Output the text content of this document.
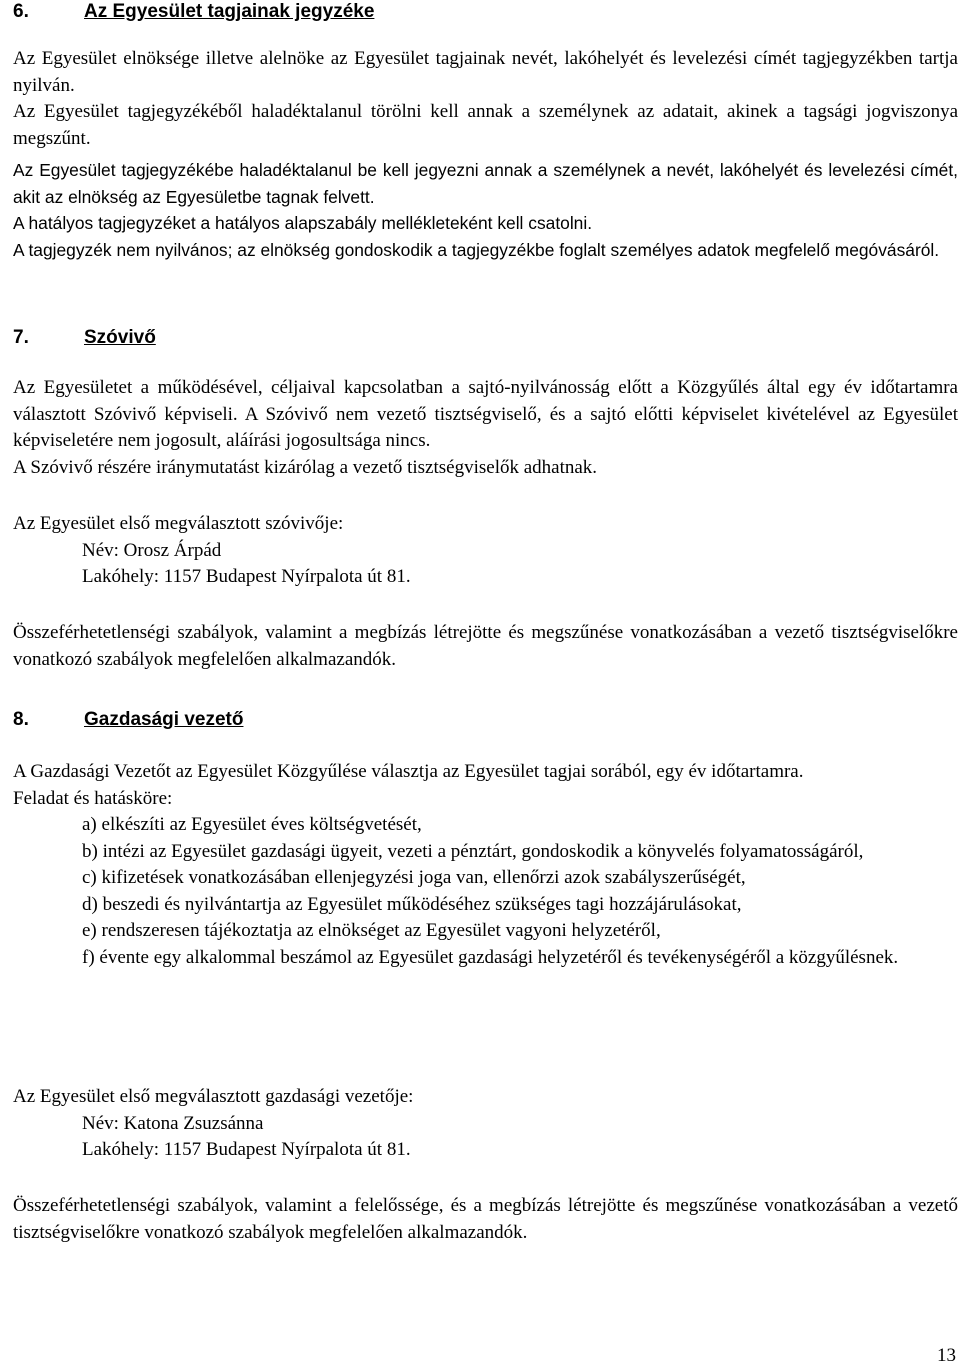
6.	Az Egyesület tagjainak jegyzéke

Az Egyesület elnöksége illetve alelnöke az Egyesület tagjainak nevét, lakóhelyét és levelezési címét tagjegyzékben tartja nyilván.

Az Egyesület tagjegyzékéből haladéktalanul törölni kell annak a személynek az adatait, akinek a tagsági jogviszonya megszűnt.

Az Egyesület tagjegyzékébe haladéktalanul be kell jegyezni annak a személynek a nevét, lakóhelyét és levelezési címét, akit az elnökség az Egyesületbe tagnak felvett.

A hatályos tagjegyzéket a hatályos alapszabály mellékleteként kell csatolni.

A tagjegyzék nem nyilvános; az elnökség gondoskodik a tagjegyzékbe foglalt személyes adatok megfelelő megóvásáról.

7.	Szóvivő

Az Egyesületet a működésével, céljaival kapcsolatban a sajtó-nyilvánosság előtt a Közgyűlés által egy év időtartamra választott Szóvivő képviseli. A Szóvivő nem vezető tisztségviselő, és a sajtó előtti képviselet kivételével az Egyesület képviseletére nem jogosult, aláírási jogosultsága nincs.

A Szóvivő részére iránymutatást kizárólag a vezető tisztségviselők adhatnak.

Az Egyesület első megválasztott szóvivője:

Név: Orosz Árpád

Lakóhely: 1157 Budapest Nyírpalota út 81.

Összeférhetetlenségi szabályok, valamint a megbízás létrejötte és megszűnése vonatkozásában a vezető tisztségviselőkre vonatkozó szabályok megfelelően alkalmazandók.

8.	Gazdasági vezető

A Gazdasági Vezetőt az Egyesület Közgyűlése választja az Egyesület tagjai sorából, egy év időtartamra.

Feladat és hatásköre:

a) elkészíti az Egyesület éves költségvetését,

b) intézi az Egyesület gazdasági ügyeit, vezeti a pénztárt, gondoskodik a könyvelés folyamatosságáról,

c) kifizetések vonatkozásában ellenjegyzési joga van, ellenőrzi azok szabályszerűségét,

d) beszedi és nyilvántartja az Egyesület működéséhez szükséges tagi hozzájárulásokat,

e) rendszeresen tájékoztatja az elnökséget az Egyesület vagyoni helyzetéről,

f) évente egy alkalommal beszámol az Egyesület gazdasági helyzetéről és tevékenységéről a közgyűlésnek.

Az Egyesület első megválasztott gazdasági vezetője:

Név: Katona Zsuzsánna

Lakóhely: 1157 Budapest Nyírpalota út 81.

Összeférhetetlenségi szabályok, valamint a felelőssége, és a megbízás létrejötte és megszűnése vonatkozásában a vezető tisztségviselőkre vonatkozó szabályok megfelelően alkalmazandók.

13
